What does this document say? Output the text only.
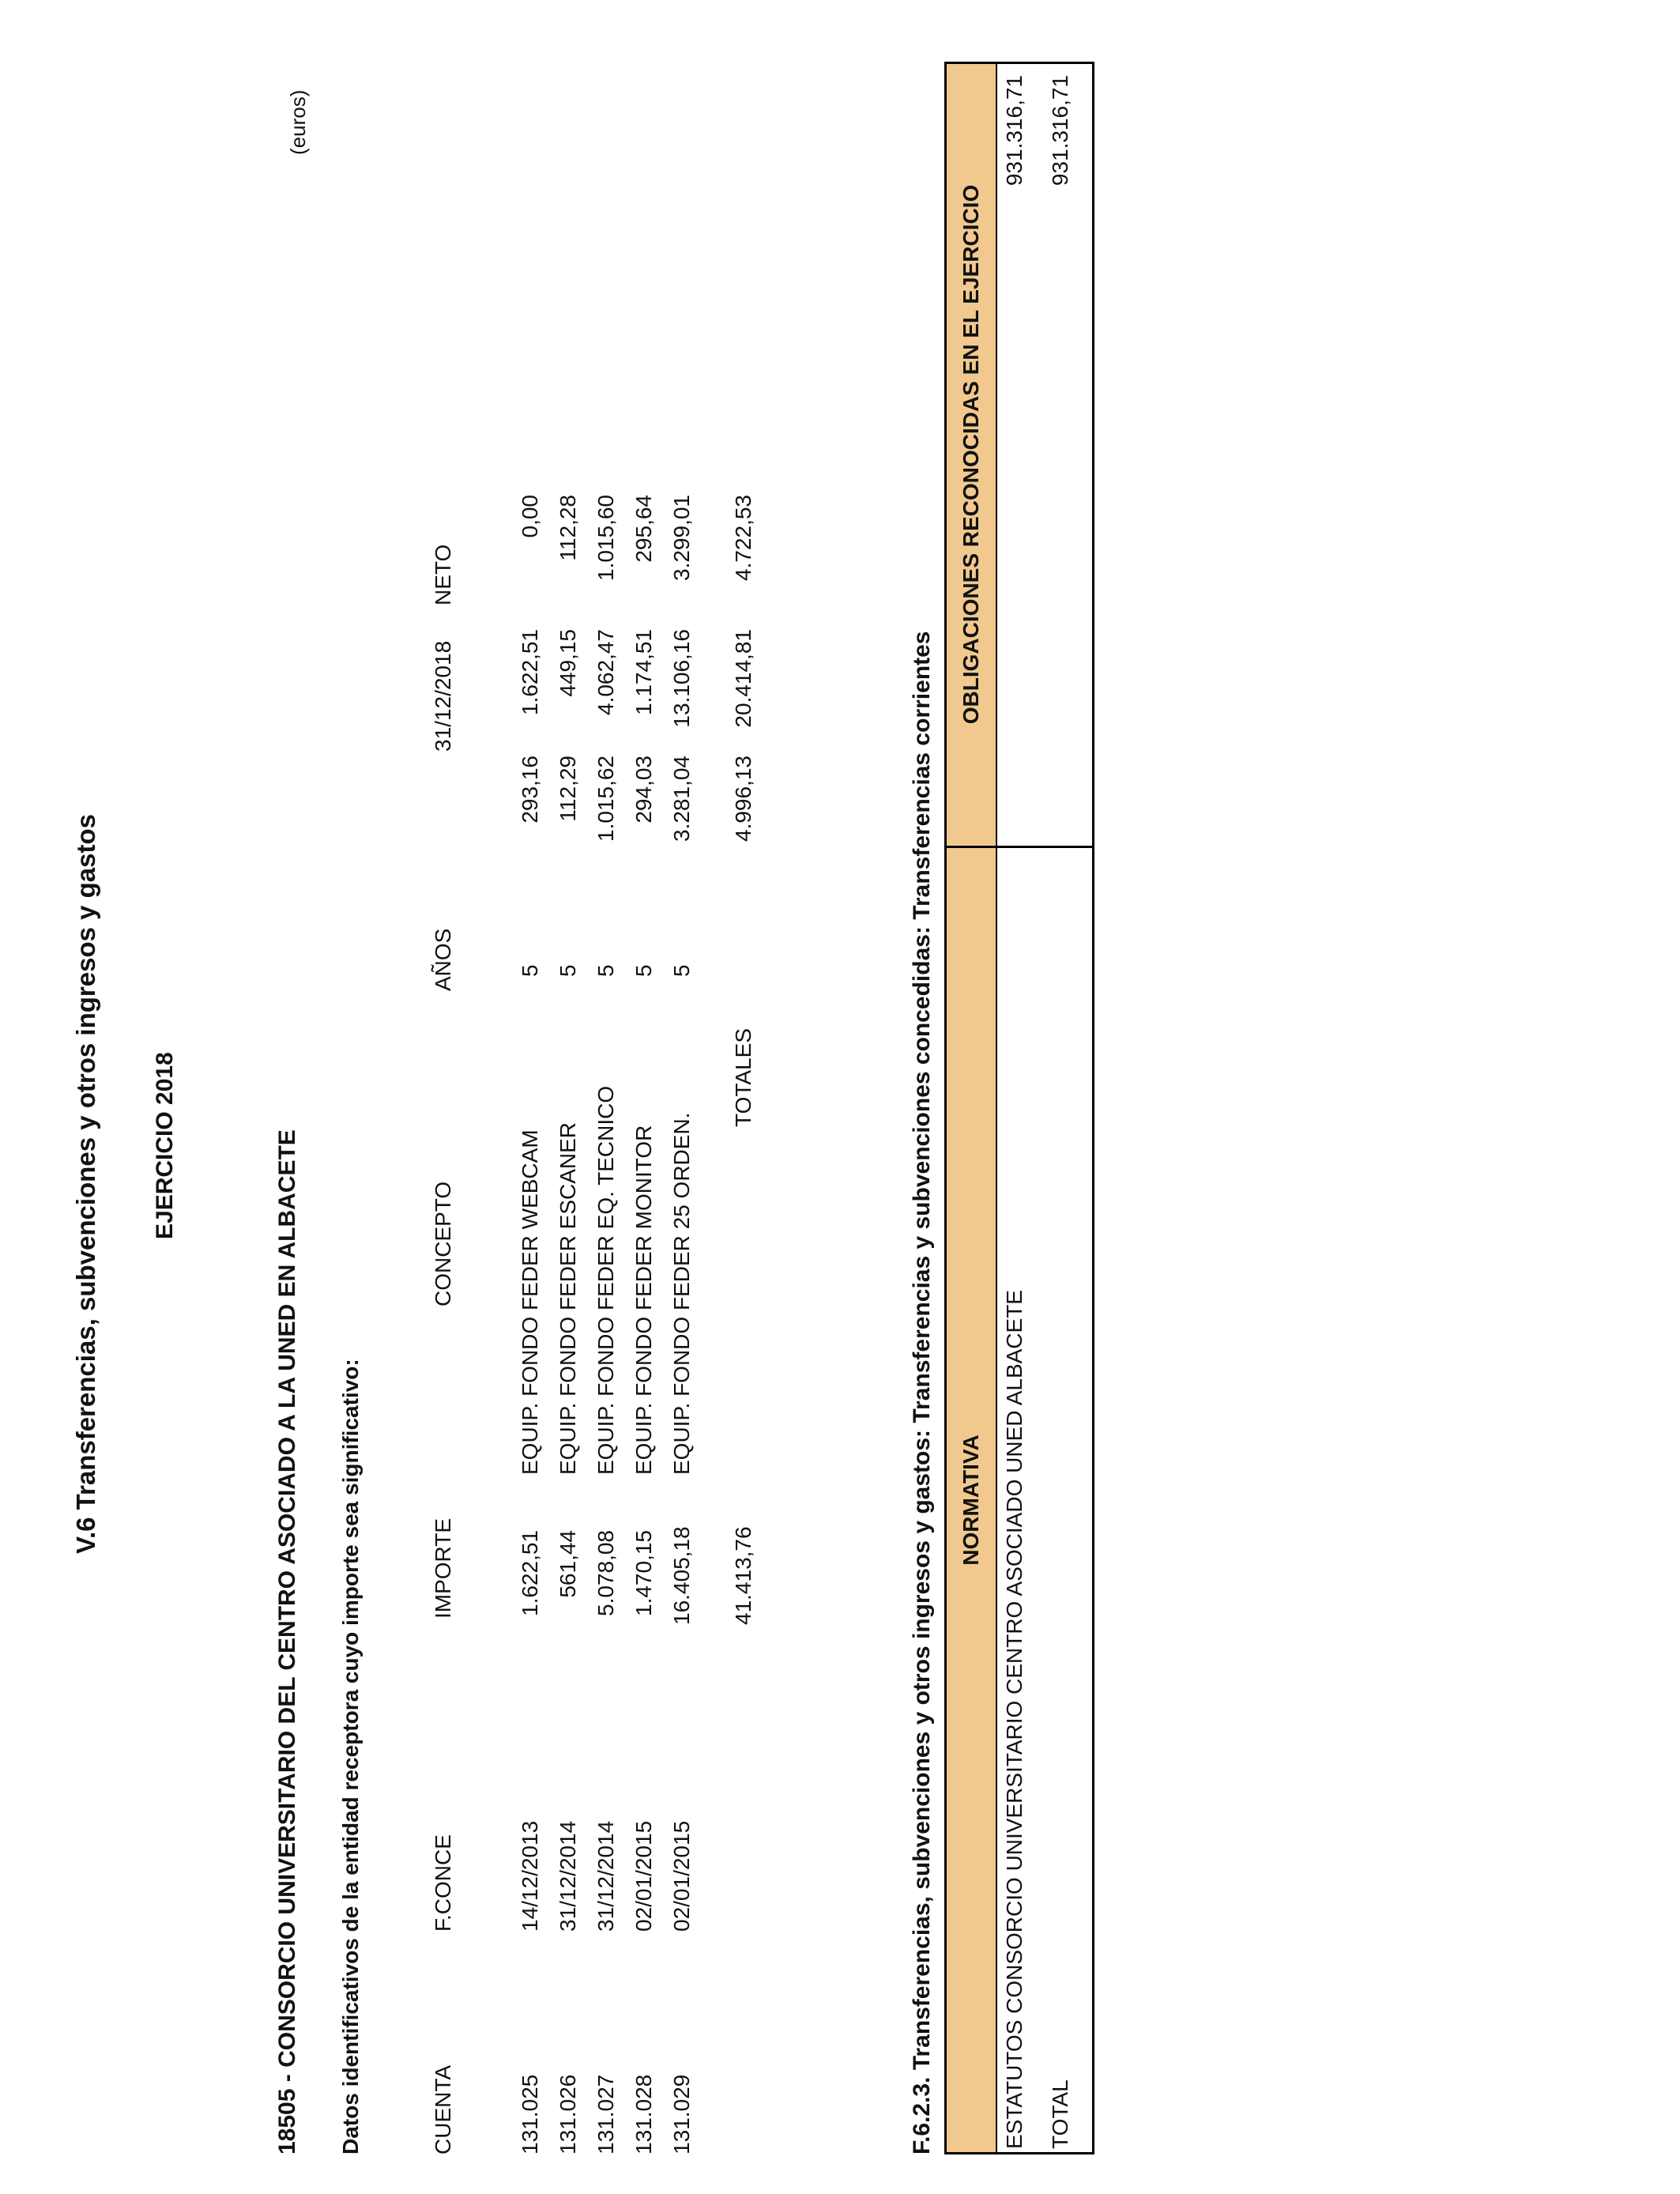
V.6 Transferencias, subvenciones y otros ingresos y gastos
(euros)
EJERCICIO 2018	18505 - CONSORCIO UNIVERSITARIO DEL CENTRO ASOCIADO A LA UNED EN ALBACETE Datos identificativos de la entidad receptora cuyo importe sea significativo:	CUENTA
F.CONCE
IMPORTE
CONCEPTO
AÑOS
31/12/2018
NETO
131.025
14/12/2013
1.622,51
EQUIP. FONDO FEDER WEBCAM
5
293,16
1.622,51
0,00
131.026
31/12/2014
561,44
EQUIP. FONDO FEDER ESCANER
5
112,29
449,15
112,28
131.027
31/12/2014
5.078,08
EQUIP. FONDO FEDER EQ. TECNICO
5
1.015,62
4.062,47
1.015,60
131.028
02/01/2015
1.470,15
EQUIP. FONDO FEDER MONITOR
5
294,03
1.174,51
295,64
131.029
02/01/2015
16.405,18
EQUIP. FONDO FEDER 25 ORDEN.
5
3.281,04
13.106,16
3.299,01
41.413,76
TOTALES
4.996,13
20.414,81
4.722,53
F.6.2.3. Transferencias, subvenciones y otros ingresos y gastos: Transferencias y subvenciones concedidas: Transferencias corrientes NORMATIVA
OBLIGACIONES RECONOCIDAS EN EL EJERCICIO
ESTATUTOS CONSORCIO UNIVERSITARIO CENTRO ASOCIADO UNED ALBACETE
931.316,71
TOTAL
931.316,71
